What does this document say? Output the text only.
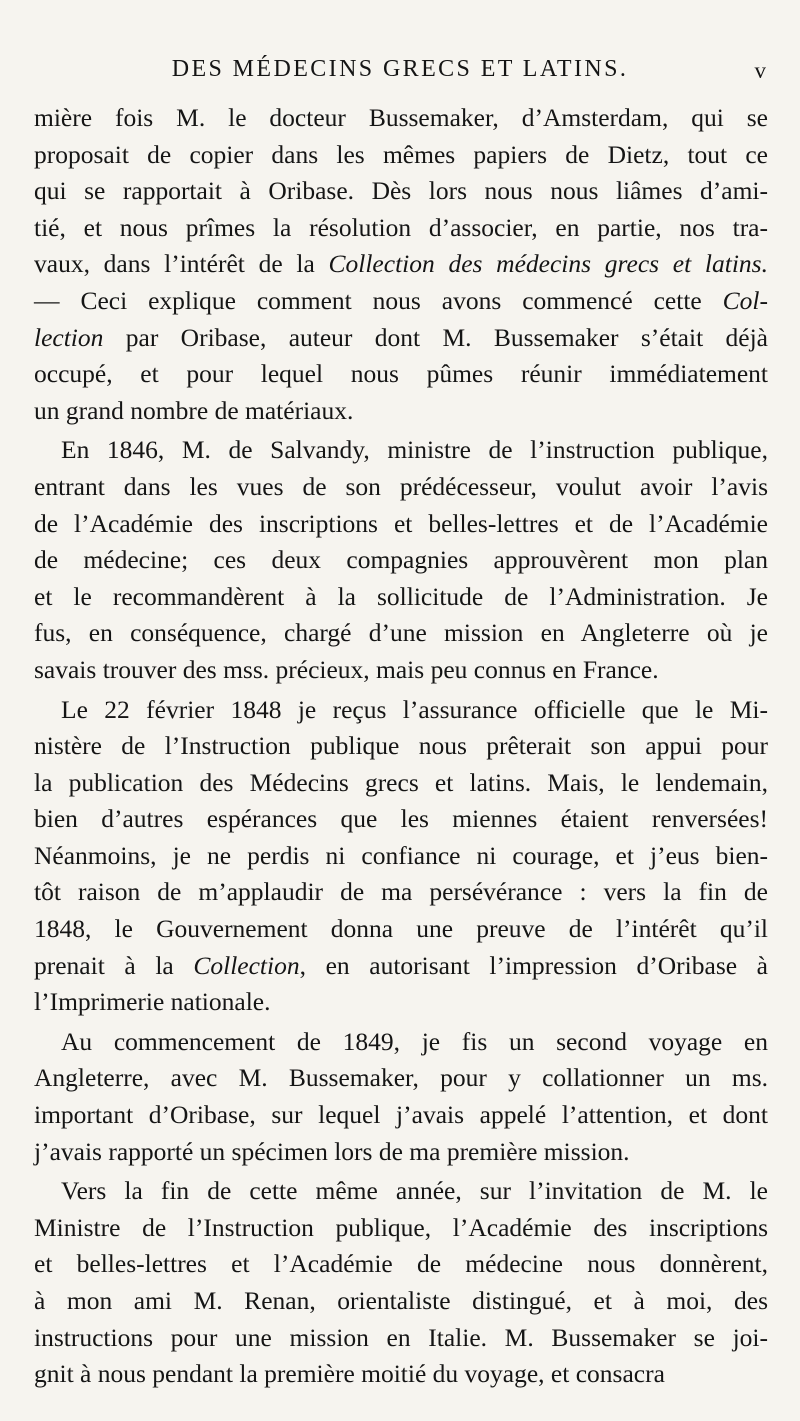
DES MÉDECINS GRECS ET LATINS.	v
mière fois M. le docteur Bussemaker, d’Amsterdam, qui se
proposait de copier dans les mêmes papiers de Dietz, tout ce
qui se rapportait à Oribase. Dès lors nous nous liâmes d’ami-
tié, et nous prîmes la résolution d’associer, en partie, nos tra-
vaux, dans l’intérêt de la Collection des médecins grecs et latins.
— Ceci explique comment nous avons commencé cette Col-
lection par Oribase, auteur dont M. Bussemaker s’était déjà
occupé, et pour lequel nous pûmes réunir immédiatement
un grand nombre de matériaux.
En 1846, M. de Salvandy, ministre de l’instruction publique,
entrant dans les vues de son prédécesseur, voulut avoir l’avis
de l’Académie des inscriptions et belles-lettres et de l’Académie
de médecine; ces deux compagnies approuvèrent mon plan
et le recommandèrent à la sollicitude de l’Administration. Je
fus, en conséquence, chargé d’une mission en Angleterre où je
savais trouver des mss. précieux, mais peu connus en France.
Le 22 février 1848 je reçus l’assurance officielle que le Mi-
nistère de l’Instruction publique nous prêterait son appui pour
la publication des Médecins grecs et latins. Mais, le lendemain,
bien d’autres espérances que les miennes étaient renversées!
Néanmoins, je ne perdis ni confiance ni courage, et j’eus bien-
tôt raison de m’applaudir de ma persévérance : vers la fin de
1848, le Gouvernement donna une preuve de l’intérêt qu’il
prenait à la Collection, en autorisant l’impression d’Oribase à
l’Imprimerie nationale.
Au commencement de 1849, je fis un second voyage en
Angleterre, avec M. Bussemaker, pour y collationner un ms.
important d’Oribase, sur lequel j’avais appelé l’attention, et dont
j’avais rapporté un spécimen lors de ma première mission.
Vers la fin de cette même année, sur l’invitation de M. le
Ministre de l’Instruction publique, l’Académie des inscriptions
et belles-lettres et l’Académie de médecine nous donnèrent,
à mon ami M. Renan, orientaliste distingué, et à moi, des
instructions pour une mission en Italie. M. Bussemaker se joi-
gnit à nous pendant la première moitié du voyage, et consacra
